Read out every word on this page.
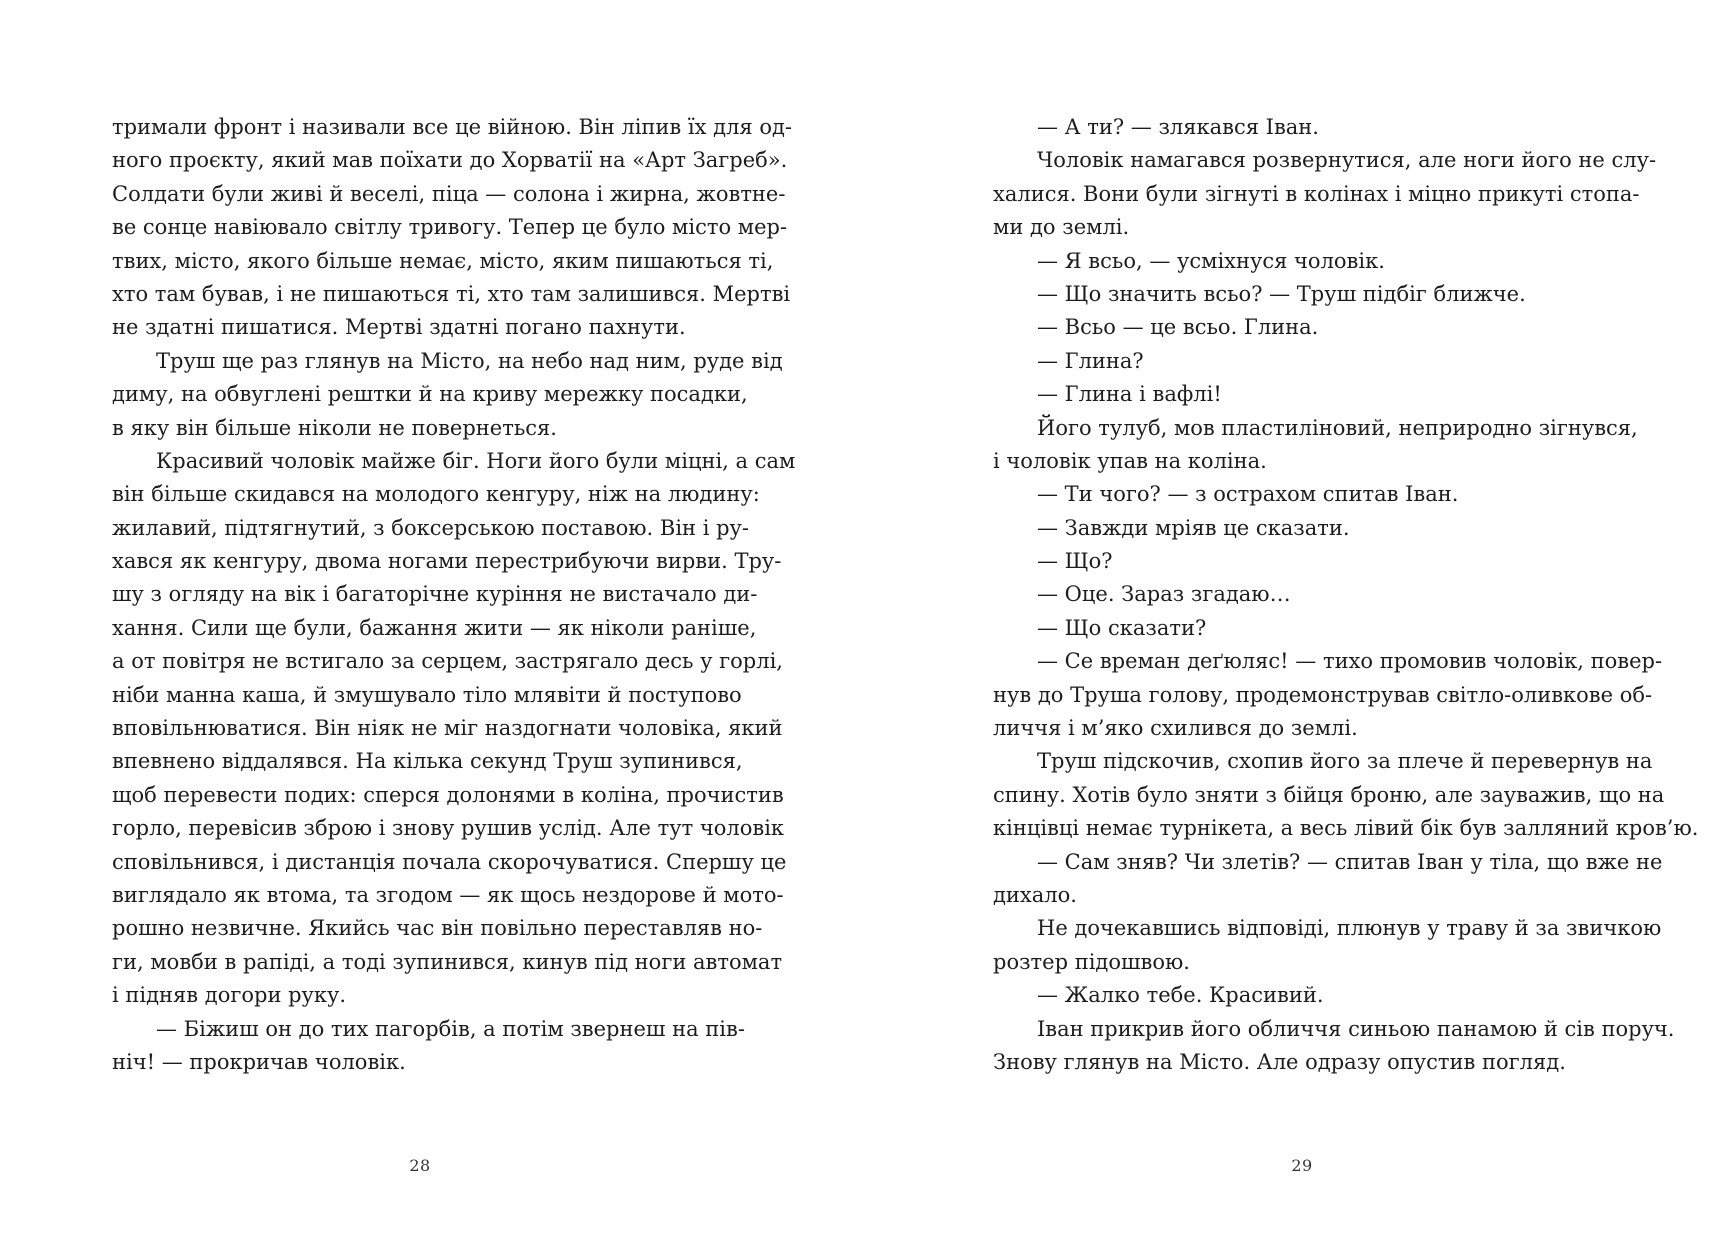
тримали фронт і називали все це війною. Він ліпив їх для од-
ного проєкту, який мав поїхати до Хорватії на «Арт Загреб».
Солдати були живі й веселі, піца — солона і жирна, жовтне-
ве сонце навіювало світлу тривогу. Тепер це було місто мер-
твих, місто, якого більше немає, місто, яким пишаються ті,
хто там бував, і не пишаються ті, хто там залишився. Мертві
не здатні пишатися. Мертві здатні погано пахнути.
Труш ще раз глянув на Місто, на небо над ним, руде від
диму, на обвуглені рештки й на криву мережку посадки,
в яку він більше ніколи не повернеться.
Красивий чоловік майже біг. Ноги його були міцні, а сам
він більше скидався на молодого кенгуру, ніж на людину:
жилавий, підтягнутий, з боксерською поставою. Він і ру-
хався як кенгуру, двома ногами перестрибуючи вирви. Тру-
шу з огляду на вік і багаторічне куріння не вистачало ди-
хання. Сили ще були, бажання жити — як ніколи раніше,
а от повітря не встигало за серцем, застрягало десь у горлі,
ніби манна каша, й змушувало тіло млявіти й поступово
вповільнюватися. Він ніяк не міг наздогнати чоловіка, який
впевнено віддалявся. На кілька секунд Труш зупинився,
щоб перевести подих: сперся долонями в коліна, прочистив
горло, перевісив зброю і знову рушив услід. Але тут чоловік
сповільнився, і дистанція почала скорочуватися. Спершу це
виглядало як втома, та згодом — як щось нездорове й мото-
рошно незвичне. Якийсь час він повільно переставляв но-
ги, мовби в рапіді, а тоді зупинився, кинув під ноги автомат
і підняв догори руку.
— Біжиш он до тих пагорбів, а потім звернеш на пів-
ніч! — прокричав чоловік.
— А ти? — злякався Іван.
Чоловік намагався розвернутися, але ноги його не слу-
халися. Вони були зігнуті в колінах і міцно прикуті стопа-
ми до землі.
— Я всьо, — усміхнуся чоловік.
— Що значить всьо? — Труш підбіг ближче.
— Всьо — це всьо. Глина.
— Глина?
— Глина і вафлі!
Його тулуб, мов пластиліновий, неприродно зігнувся,
і чоловік упав на коліна.
— Ти чого? — з острахом спитав Іван.
— Завжди мріяв це сказати.
— Що?
— Оце. Зараз згадаю…
— Що сказати?
— Се времан деґюляс! — тихо промовив чоловік, повер-
нув до Труша голову, продемонстрував світло-оливкове об-
личчя і м’яко схилився до землі.
Труш підскочив, схопив його за плече й перевернув на
спину. Хотів було зняти з бійця броню, але зауважив, що на
кінцівці немає турнікета, а весь лівий бік був залляний кров’ю.
— Сам зняв? Чи злетів? — спитав Іван у тіла, що вже не
дихало.
Не дочекавшись відповіді, плюнув у траву й за звичкою
розтер підошвою.
— Жалко тебе. Красивий.
Іван прикрив його обличчя синьою панамою й сів поруч.
Знову глянув на Місто. Але одразу опустив погляд.
28	29
